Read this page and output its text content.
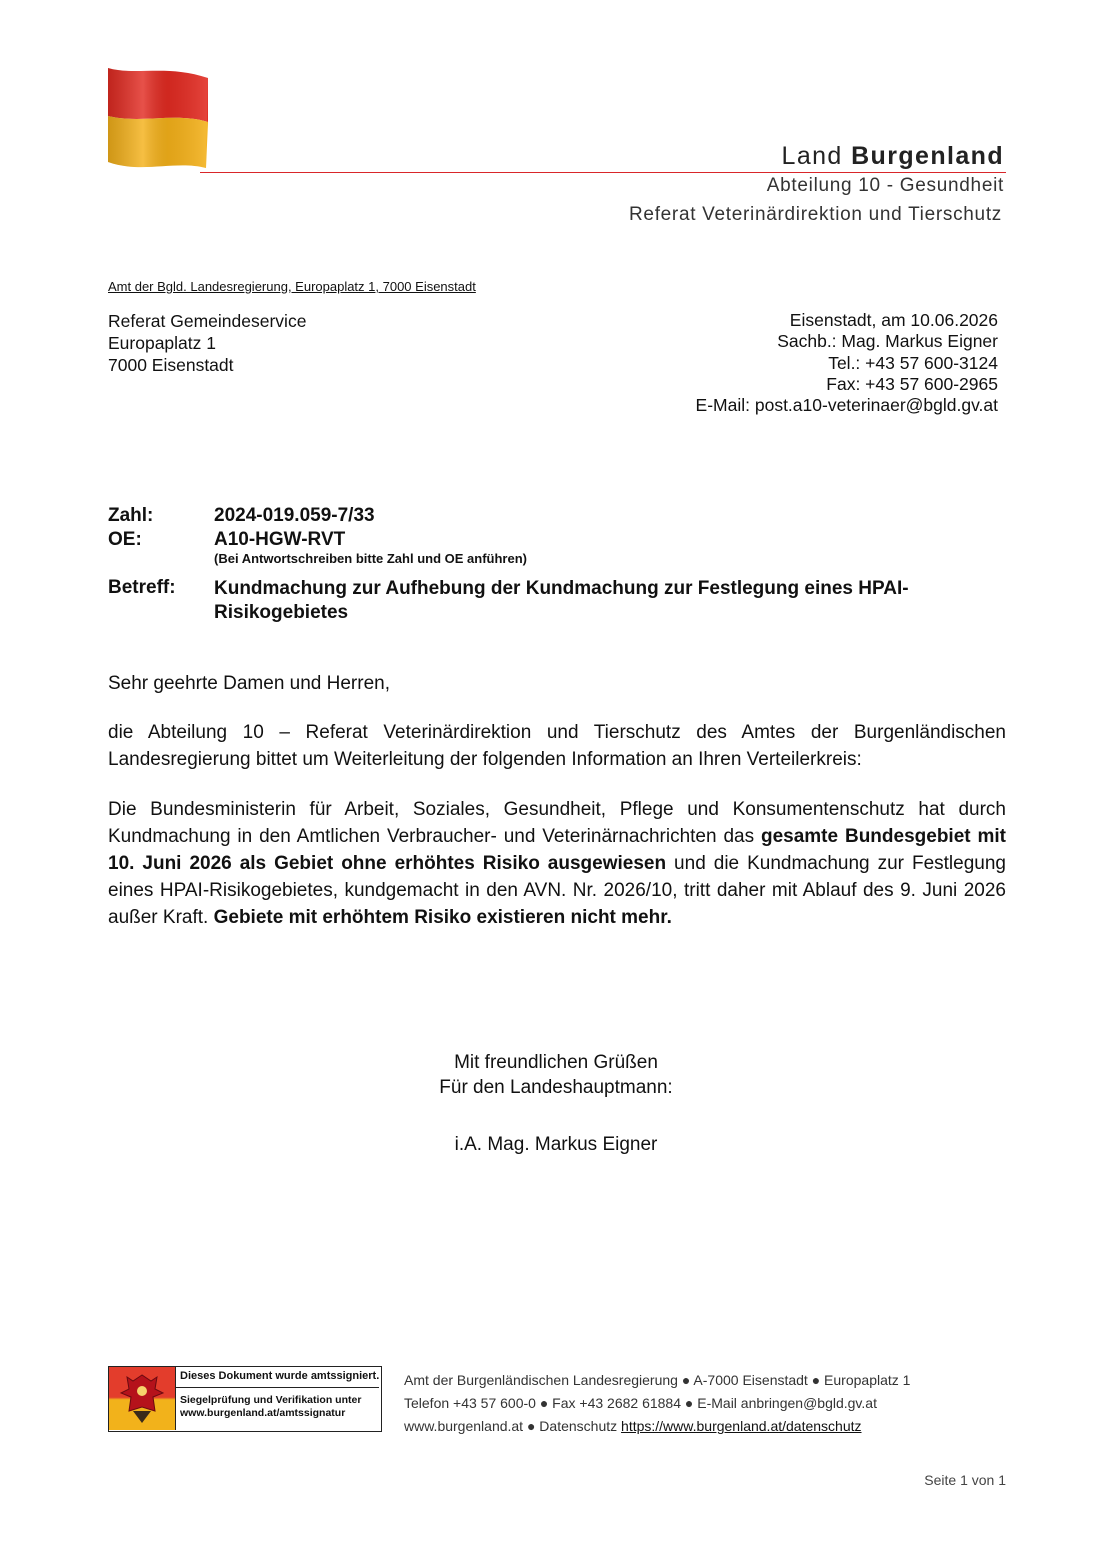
Land Burgenland
Abteilung 10 - Gesundheit
Referat Veterinärdirektion und Tierschutz
Amt der Bgld. Landesregierung, Europaplatz 1, 7000 Eisenstadt
Referat Gemeindeservice
Europaplatz 1
7000 Eisenstadt
Eisenstadt, am 10.06.2026
Sachb.: Mag. Markus Eigner
Tel.: +43 57 600-3124
Fax: +43 57 600-2965
E-Mail: post.a10-veterinaer@bgld.gv.at
Zahl:	2024-019.059-7/33
OE:	A10-HGW-RVT
(Bei Antwortschreiben bitte Zahl und OE anführen)
Betreff: Kundmachung zur Aufhebung der Kundmachung zur Festlegung eines HPAI-Risikogebietes
Sehr geehrte Damen und Herren,
die Abteilung 10 – Referat Veterinärdirektion und Tierschutz des Amtes der Burgenländischen Landesregierung bittet um Weiterleitung der folgenden Information an Ihren Verteilerkreis:
Die Bundesministerin für Arbeit, Soziales, Gesundheit, Pflege und Konsumentenschutz hat durch Kundmachung in den Amtlichen Verbraucher- und Veterinärnachrichten das gesamte Bundesgebiet mit 10. Juni 2026 als Gebiet ohne erhöhtes Risiko ausgewiesen und die Kundmachung zur Festlegung eines HPAI-Risikogebietes, kundgemacht in den AVN. Nr. 2026/10, tritt daher mit Ablauf des 9. Juni 2026 außer Kraft. Gebiete mit erhöhtem Risiko existieren nicht mehr.
Mit freundlichen Grüßen
Für den Landeshauptmann:
i.A. Mag. Markus Eigner
Dieses Dokument wurde amtssigniert.
Siegelprüfung und Verifikation unter
www.burgenland.at/amtssignatur
Amt der Burgenländischen Landesregierung ● A-7000 Eisenstadt ● Europaplatz 1
Telefon +43 57 600-0 ● Fax +43 2682 61884 ● E-Mail anbringen@bgld.gv.at
www.burgenland.at ● Datenschutz https://www.burgenland.at/datenschutz
Seite 1 von 1
